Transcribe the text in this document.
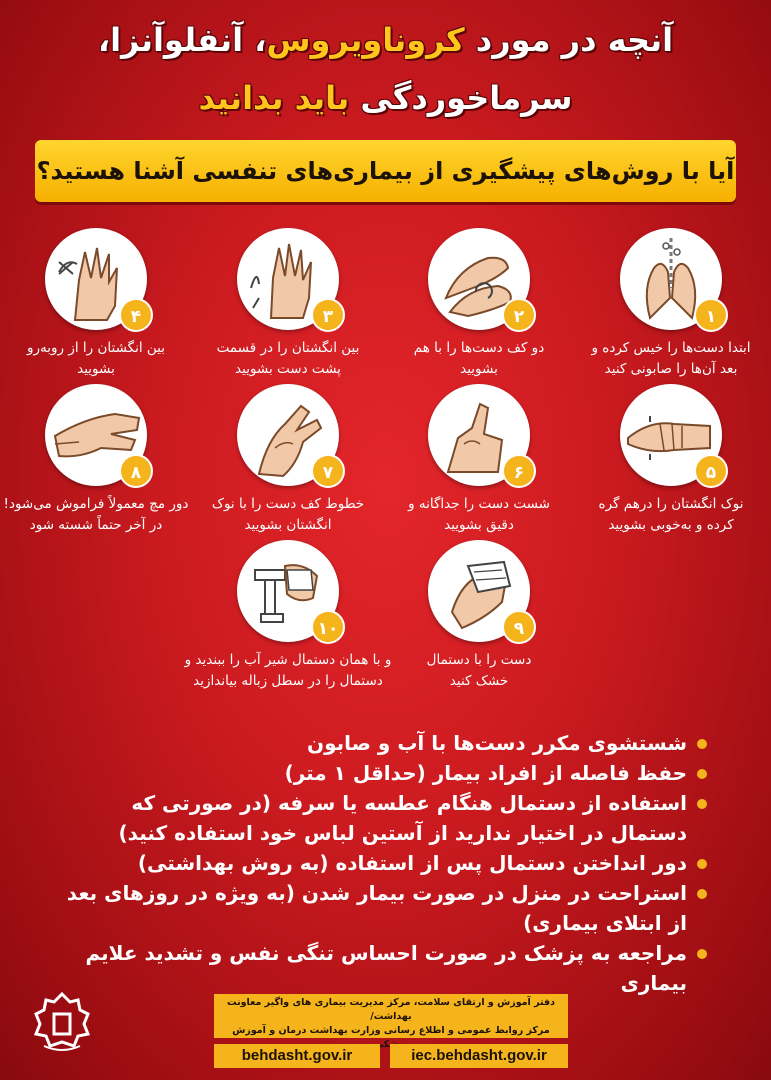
آنچه در مورد کروناویروس، آنفلوآنزا،
سرماخوردگی باید بدانید
آیا با روش‌های پیشگیری از بیماری‌های تنفسی آشنا هستید؟
۱
ابتدا دست‌ها را خیس کرده و
بعد آن‌ها را صابونی کنید
۲
دو کف دست‌ها را با هم
بشویید
۳
بین انگشتان را در قسمت
پشت دست بشویید
۴
بین انگشتان را از روبه‌رو
بشویید
۵
نوک انگشتان را درهم گره
کرده و به‌خوبی بشویید
۶
شست دست را جداگانه و
دقیق بشویید
۷
خطوط کف دست را با نوک
انگشتان بشویید
۸
دور مچ معمولاً فراموش می‌شود!
در آخر حتماً شسته شود
۹
دست را با دستمال
خشک کنید
۱۰
و با همان دستمال شیر آب را ببندید و
دستمال را در سطل زباله بیاندازید
شستشوی مکرر دست‌ها با آب و صابون
حفظ فاصله از افراد بیمار (حداقل ۱ متر)
استفاده از دستمال هنگام عطسه یا سرفه (در صورتی که دستمال در اختیار ندارید از آستین لباس خود استفاده کنید)
دور انداختن دستمال پس از استفاده (به روش بهداشتی)
استراحت در منزل در صورت بیمار شدن (به ویژه در روزهای بعد از ابتلای بیماری)
مراجعه به پزشک در صورت احساس تنگی نفس و تشدید علایم بیماری
دفتر آموزش و ارتقای سلامت، مرکز مدیریت بیماری های واگیر معاونت بهداشت/
مرکز روابط عمومی و اطلاع رسانی وزارت بهداشت درمان و آموزش
behdasht.gov.ir	iec.behdasht.gov.ir
